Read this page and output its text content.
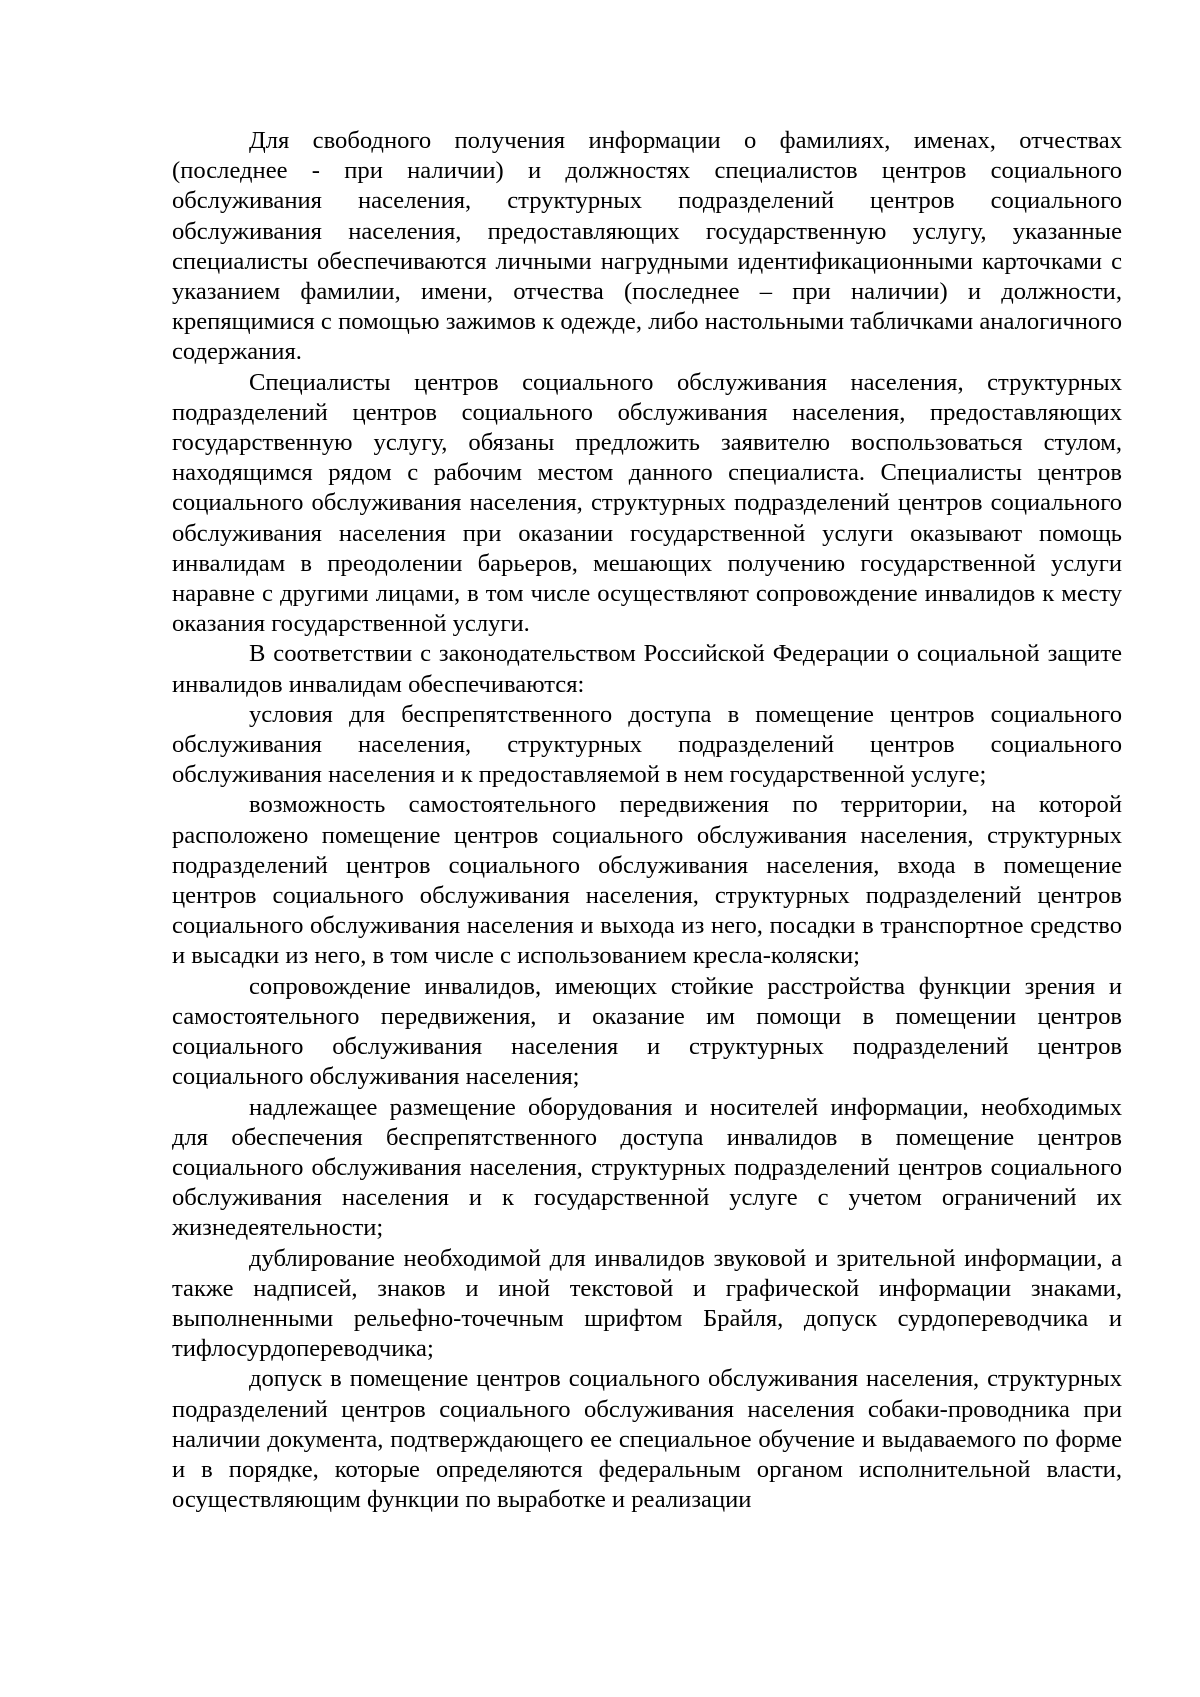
Для свободного получения информации о фамилиях, именах, отчествах (последнее - при наличии) и должностях специалистов центров социального обслуживания населения, структурных подразделений центров социального обслуживания населения, предоставляющих государственную услугу, указанные специалисты обеспечиваются личными нагрудными идентификационными карточками с указанием фамилии, имени, отчества (последнее – при наличии) и должности, крепящимися с помощью зажимов к одежде, либо настольными табличками аналогичного содержания.

Специалисты центров социального обслуживания населения, структурных подразделений центров социального обслуживания населения, предоставляющих государственную услугу, обязаны предложить заявителю воспользоваться стулом, находящимся рядом с рабочим местом данного специалиста. Специалисты центров социального обслуживания населения, структурных подразделений центров социального обслуживания населения при оказании государственной услуги оказывают помощь инвалидам в преодолении барьеров, мешающих получению государственной услуги наравне с другими лицами, в том числе осуществляют сопровождение инвалидов к месту оказания государственной услуги.

В соответствии с законодательством Российской Федерации о социальной защите инвалидов инвалидам обеспечиваются:

условия для беспрепятственного доступа в помещение центров социального обслуживания населения, структурных подразделений центров социального обслуживания населения и к предоставляемой в нем государственной услуге;

возможность самостоятельного передвижения по территории, на которой расположено помещение центров социального обслуживания населения, структурных подразделений центров социального обслуживания населения, входа в помещение центров социального обслуживания населения, структурных подразделений центров социального обслуживания населения и выхода из него, посадки в транспортное средство и высадки из него, в том числе с использованием кресла-коляски;

сопровождение инвалидов, имеющих стойкие расстройства функции зрения и самостоятельного передвижения, и оказание им помощи в помещении центров социального обслуживания населения и структурных подразделений центров социального обслуживания населения;

надлежащее размещение оборудования и носителей информации, необходимых для обеспечения беспрепятственного доступа инвалидов в помещение центров социального обслуживания населения, структурных подразделений центров социального обслуживания населения и к государственной услуге с учетом ограничений их жизнедеятельности;

дублирование необходимой для инвалидов звуковой и зрительной информации, а также надписей, знаков и иной текстовой и графической информации знаками, выполненными рельефно-точечным шрифтом Брайля, допуск сурдопереводчика и тифлосурдопереводчика;

допуск в помещение центров социального обслуживания населения, структурных подразделений центров социального обслуживания населения собаки-проводника при наличии документа, подтверждающего ее специальное обучение и выдаваемого по форме и в порядке, которые определяются федеральным органом исполнительной власти, осуществляющим функции по выработке и реализации
